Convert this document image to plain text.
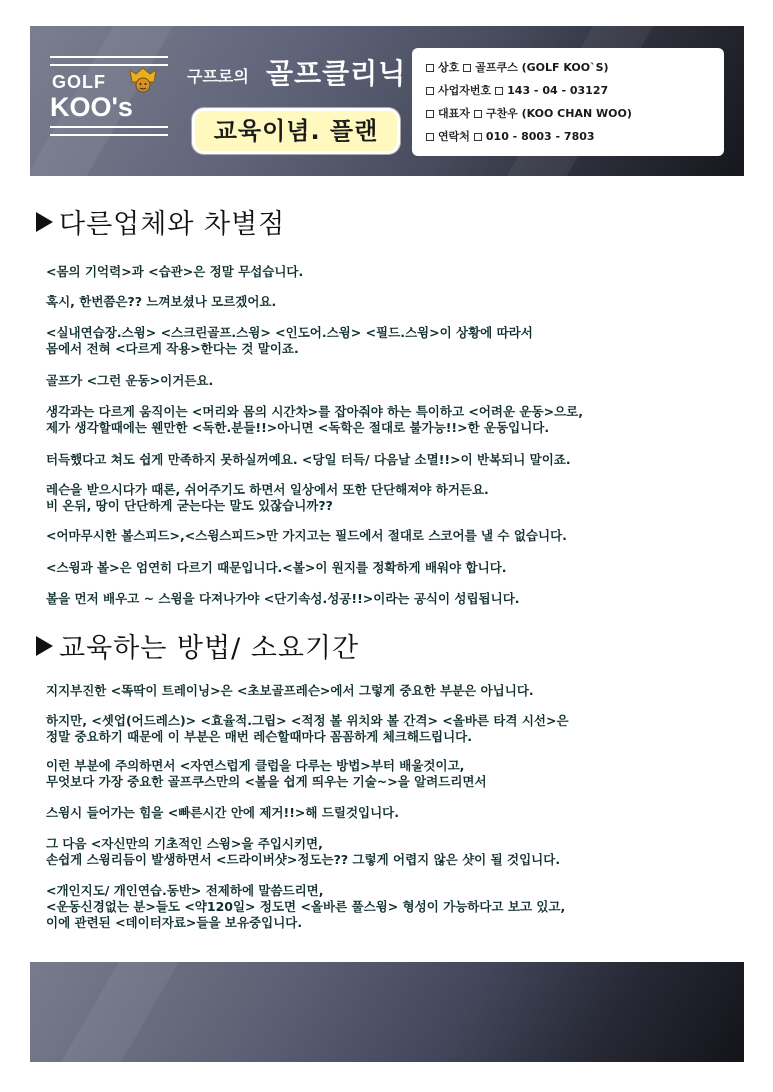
GOLF
KOO's
구프로의 골프클리닉
교육이념. 플랜
상호 골프쿠스 (GOLF KOO`S)
사업자번호 143 - 04 - 03127
대표자 구찬우 (KOO CHAN WOO)
연락처 010 - 8003 - 7803
다른업체와 차별점
<몸의 기억력>과 <습관>은 정말 무섭습니다.
혹시, 한번쯤은?? 느껴보셨나 모르겠어요.
<실내연습장.스윙> <스크린골프.스윙> <인도어.스윙> <필드.스윙>이 상황에 따라서
몸에서 전혀 <다르게 작용>한다는 것 말이죠.
골프가 <그런 운동>이거든요.
생각과는 다르게 움직이는 <머리와 몸의 시간차>를 잡아줘야 하는 특이하고 <어려운 운동>으로,
제가 생각할때에는 웬만한 <독한.분들!!>아니면 <독학은 절대로 불가능!!>한 운동입니다.
터득했다고 쳐도 쉽게 만족하지 못하실꺼예요. <당일 터득/ 다음날 소멸!!>이 반복되니 말이죠.
레슨을 받으시다가 때론, 쉬어주기도 하면서 일상에서 또한 단단해져야 하거든요.
비 온뒤, 땅이 단단하게 굳는다는 말도 있잖습니까??
<어마무시한 볼스피드>,<스윙스피드>만 가지고는 필드에서 절대로 스코어를 낼 수 없습니다.
<스윙과 볼>은 엄연히 다르기 때문입니다.<볼>이 원지를 정확하게 배워야 합니다.
볼을 먼저 배우고 ~ 스윙을 다져나가야 <단기속성.성공!!>이라는 공식이 성립됩니다.
교육하는 방법/ 소요기간
지지부진한 <똑딱이 트레이닝>은 <초보골프레슨>에서 그렇게 중요한 부분은 아닙니다.
하지만, <셋업(어드레스)> <효율적.그립> <적정 볼 위치와 볼 간격> <올바른 타격 시선>은
정말 중요하기 때문에 이 부분은 매번 레슨할때마다 꼼꼼하게 체크해드립니다.
이런 부분에 주의하면서 <자연스럽게 클럽을 다루는 방법>부터 배울것이고,
무엇보다 가장 중요한 골프쿠스만의 <볼을 쉽게 띄우는 기술~>을 알려드리면서
스윙시 들어가는 힘을 <빠른시간 안에 제거!!>해 드릴것입니다.
그 다음 <자신만의 기초적인 스윙>을 주입시키면,
손쉽게 스윙리듬이 발생하면서 <드라이버샷>정도는?? 그렇게 어렵지 않은 샷이 될 것입니다.
<개인지도/ 개인연습.동반> 전제하에 말씀드리면,
<운동신경없는 분>들도 <약120일> 정도면 <올바른 풀스윙> 형성이 가능하다고 보고 있고,
이에 관련된 <데이터자료>들을 보유중입니다.
